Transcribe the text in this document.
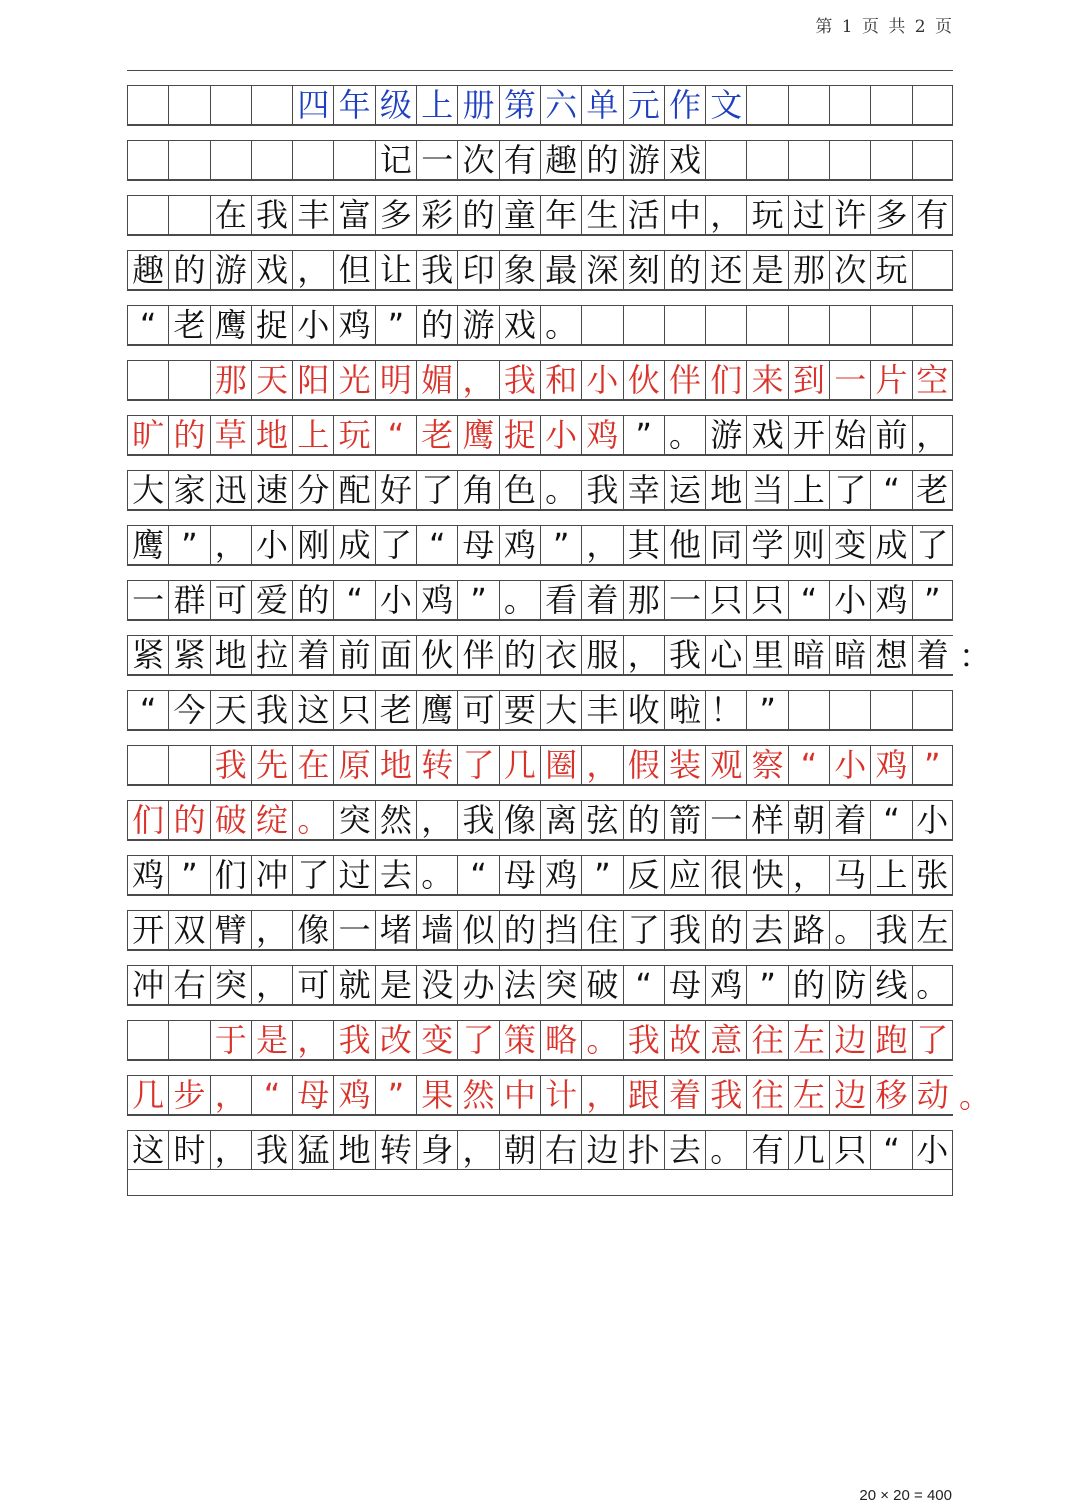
第 1 页 共 2 页
四 年 级 上 册 第 六 单 元 作 文
记 一 次 有 趣 的 游 戏
在 我 丰 富 多 彩 的 童 年 生 活 中 ， 玩 过 许 多 有
趣 的 游 戏 ， 但 让 我 印 象 最 深 刻 的 还 是 那 次 玩
“ 老 鹰 捉 小 鸡 ” 的 游 戏 。
那 天 阳 光 明 媚 ， 我 和 小 伙 伴 们 来 到 一 片 空
旷 的 草 地 上 玩 “ 老 鹰 捉 小 鸡 ” 。 游 戏 开 始 前 ，
大 家 迅 速 分 配 好 了 角 色 。 我 幸 运 地 当 上 了 “ 老
鹰 ” ， 小 刚 成 了 “ 母 鸡 ” ， 其 他 同 学 则 变 成 了
一 群 可 爱 的 “ 小 鸡 ” 。 看 着 那 一 只 只 “ 小 鸡 ”
紧 紧 地 拉 着 前 面 伙 伴 的 衣 服 ， 我 心 里 暗 暗 想 着 ：
“ 今 天 我 这 只 老 鹰 可 要 大 丰 收 啦 ！ ”
我 先 在 原 地 转 了 几 圈 ， 假 装 观 察 “ 小 鸡 ”
们 的 破 绽 。 突 然 ， 我 像 离 弦 的 箭 一 样 朝 着 “ 小
鸡 ” 们 冲 了 过 去 。 “ 母 鸡 ” 反 应 很 快 ， 马 上 张
开 双 臂 ， 像 一 堵 墙 似 的 挡 住 了 我 的 去 路 。 我 左
冲 右 突 ， 可 就 是 没 办 法 突 破 “ 母 鸡 ” 的 防 线 。
于 是 ， 我 改 变 了 策 略 。 我 故 意 往 左 边 跑 了
几 步 ， “ 母 鸡 ” 果 然 中 计 ， 跟 着 我 往 左 边 移 动 。
这 时 ， 我 猛 地 转 身 ， 朝 右 边 扑 去 。 有 几 只 “ 小
20 × 20 = 400
